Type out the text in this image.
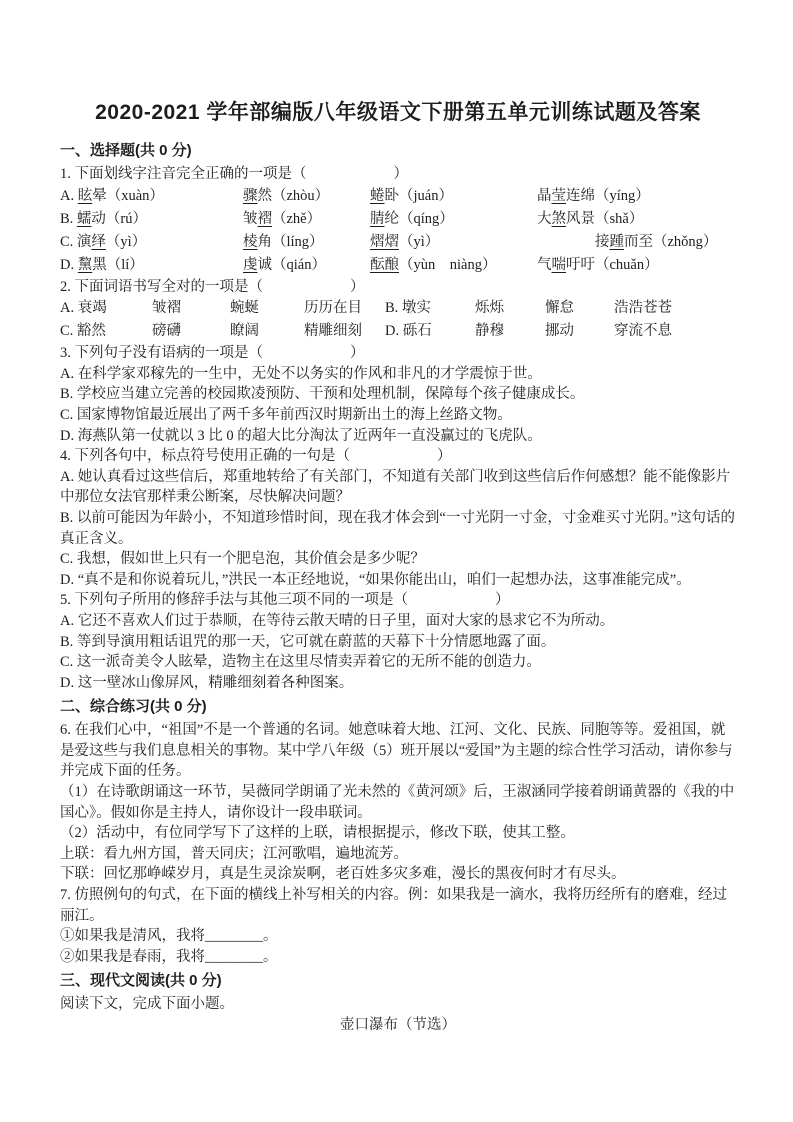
2020-2021 学年部编版八年级语文下册第五单元训练试题及答案
一、选择题(共 0 分)

1. 下面划线字注音完全正确的一项是（　　　　　　）

A. 眩晕（xuàn）	骤然（zhòu）	蜷卧（juán）	晶莹连绵（yíng）
B. 蠕动（rú）	皱褶（zhě）	腈纶（qíng）	大煞风景（shǎ）
C. 演绎（yì）	棱角（líng）	熠熠（yì）	接踵而至（zhǒng）
D. 黧黑（lí）	虔诚（qián）	酝酿（yùn　niàng）	气喘吁吁（chuǎn）

2. 下面词语书写全对的一项是（　　　　　　）

A. 衰竭	皱褶	蜿蜒	历历在目	B. 墩实	烁烁	懈怠	浩浩苍苍
C. 豁然	磅礴	瞭阔	精雕细刻	D. 砾石	静穆	挪动	穿流不息

3. 下列句子没有语病的一项是（　　　　　　）

A. 在科学家邓稼先的一生中，无处不以务实的作风和非凡的才学震惊于世。

B. 学校应当建立完善的校园欺凌预防、干预和处理机制，保障每个孩子健康成长。

C. 国家博物馆最近展出了两千多年前西汉时期新出土的海上丝路文物。

D. 海燕队第一仗就以 3 比 0 的超大比分淘汰了近两年一直没赢过的飞虎队。

4. 下列各句中，标点符号使用正确的一句是（　　　　　　）

A. 她认真看过这些信后，郑重地转给了有关部门，不知道有关部门收到这些信后作何感想？能不能像影片中那位女法官那样秉公断案，尽快解决问题？

B. 以前可能因为年龄小，不知道珍惜时间，现在我才体会到“一寸光阴一寸金，寸金难买寸光阴。”这句话的真正含义。

C. 我想，假如世上只有一个肥皂泡，其价值会是多少呢？

D. “真不是和你说着玩儿，”洪民一本正经地说，“如果你能出山，咱们一起想办法，这事准能完成”。

5. 下列句子所用的修辞手法与其他三项不同的一项是（　　　　　　）

A. 它还不喜欢人们过于恭顺，在等待云散天晴的日子里，面对大家的恳求它不为所动。

B. 等到导演用粗话诅咒的那一天，它可就在蔚蓝的天幕下十分情愿地露了面。

C. 这一派奇美令人眩晕，造物主在这里尽情卖弄着它的无所不能的创造力。

D. 这一壁冰山像屏风，精雕细刻着各种图案。

二、综合练习(共 0 分)

6. 在我们心中，“祖国”不是一个普通的名词。她意味着大地、江河、文化、民族、同胞等等。爱祖国，就是爱这些与我们息息相关的事物。某中学八年级（5）班开展以“爱国”为主题的综合性学习活动，请你参与并完成下面的任务。

（1）在诗歌朗诵这一环节，吴薇同学朗诵了光未然的《黄河颂》后，王淑涵同学接着朗诵黄器的《我的中国心》。假如你是主持人，请你设计一段串联词。

（2）活动中，有位同学写下了这样的上联，请根据提示，修改下联，使其工整。

上联：看九州方国，普天同庆；江河歌唱，遍地流芳。

下联：回忆那峥嵘岁月，真是生灵涂炭啊，老百姓多灾多难，漫长的黑夜何时才有尽头。

7. 仿照例句的句式，在下面的横线上补写相关的内容。例：如果我是一滴水，我将历经所有的磨难，经过丽江。

①如果我是清风，我将________。

②如果我是春雨，我将________。

三、现代文阅读(共 0 分)

阅读下文，完成下面小题。

壶口瀑布（节选）
